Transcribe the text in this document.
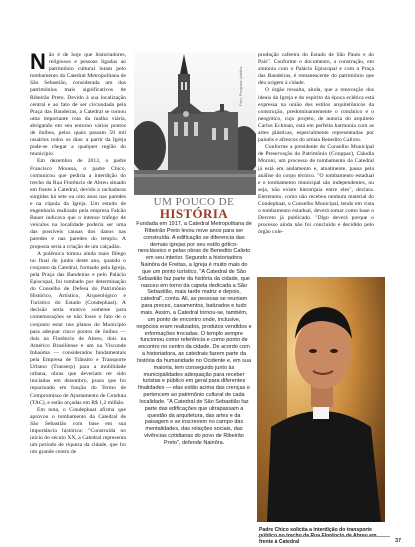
Não é de hoje que historiadores, religiosos e pessoas ligadas ao patrimônio cultural lutam pelo tombamento da Catedral Metropolitana de São Sebastião, considerada um dos patrimônios mais significativos de Ribeirão Preto. Devido à sua localização central e ao fato de ser circundada pela Praça das Bandeiras, a Catedral se tornou uma importante rota da malha viária, abrigando em seu entorno vários pontos de ônibus, pelos quais passam 50 mil usuários todos os dias: a partir da Igreja pode-se chegar a qualquer região do município.

Em dezembro de 2012, o padre Francisco Moussa, o padre Chico, comunicou que pediria a interdição do trecho da Rua Florêncio de Abreu situado em frente à Catedral, devido a rachaduras surgidas há sete ou oito anos nas paredes e na cúpula da Igreja. Um estudo de engenharia realizado pela empresa Falcão Bauer indicava que o intenso tráfego de veículos na localidade poderia ser uma das possíveis causas dos danos nas paredes e nas paredes do templo. A proposta seria a criação de um calçadão.

A polêmica tomou ainda mais fôlego no final do junho deste ano, quando o conjunto da Catedral, formado pela Igreja, pela Praça das Bandeiras e pelo Palácio Episcopal, foi tombado por determinação do Conselho de Defesa do Patrimônio Histórico, Artístico, Arqueológico e Turístico do Estado (Condephaat). A decisão seria motivo somente para comemorações se não fosse o fato de o conjunto estar nos planos do Município para adequar cinco pontos de ônibus — dois na Florêncio de Abreu, dois na Américo Brasiliense e um na Visconde Inhaúma — considerados fundamentais pela Empresa de Trânsito e Transporte Urbano (Transerp) para a mobilidade urbana, obras que deveriam ter sido iniciadas em dezembro, prazo que foi repactuado em função do Termo de Compromisso de Ajustamento de Conduta (TAC), e estão orçadas em R$ 1,2 milhão.

Em nota, o Condephaat afirma que aprovou o tombamento da Catedral de São Sebastião com base em sua importância histórica: "Construída no início do século XX, a Catedral representa um período de riqueza da cidade, que foi um grande centro de

Foto: Pesquisa: pública
UM POUCO DE
HISTÓRIA
Fundada em 1917, a Catedral Metropolitana de Ribeirão Preto levou nove anos para ser construída. A edificação se diferencia das demais igrejas por seu estilo gótico-neoclássico e pelas obras de Benedito Calixto em seu interior. Segundo a historiadora Nainôra de Freitas, a Igreja é muito mais do que um ponto turístico. "A Catedral de São Sebastião faz parte da história da cidade, que nasceu em torno da capela dedicada a São Sebastião, mais tarde matriz e depois, catedral", conta. Ali, as pessoas se reuniam para preces, casamentos, batizados e tudo mais. Assim, a Catedral tornou-se, também, um ponto de encontro onde, inclusive, negócios eram realizados, produtos vendidos e informações trocadas. O templo sempre funcionou como referência e como ponto de encontro no centro da cidade. De acordo com a historiadora, as catedrais fazem parte da história da humanidade no Ocidente e, em sua maioria, tem conseguido junto às municipalidades adequação para receber turistas e público em geral para diferentes finalidades — elas estão acima das crenças e pertencem ao patrimônio cultural de cada localidade. "A Catedral de São Sebastião faz parte das edificações que ultrapassam a questão da arquitetura, das artes e da paisagem e se inscrevem no campo das mentalidades, das relações sociais, das vivências cotidianas do povo de Ribeirão Preto", defende Nainôra.

produção cafeeira do Estado de São Paulo e do País". Conforme o documento, a construção, em sintonia com o Palácio Episcopal e com a Praça das Bandeiras, é remanescente do patrimônio que deu origem à cidade.

O órgão ressalta, ainda, que a renovação dos ideais da Igreja e do espírito da época eclética está expressa na união dos estilos arquitetônicos da construção, predominantemente o românico e o neogótico, cujo projeto, de autoria do arquiteto Carlos Eckman, está em perfeita harmonia com as artes plásticas, especialmente representadas por painéis e afrescos do artista Benedito Calixto.

Conforme a presidente do Conselho Municipal de Preservação do Patrimônio (Conppac), Cláudia Moroni, um processo de tombamento da Catedral já está em andamento e, atualmente, passa pela análise do corpo técnico. "O tombamento estadual e o tombamento municipal são independentes, ou seja, não existe hierarquia entre eles", declara. Entretanto, como não recebeu nenhum material do Condephaat, o Conselho Municipal, tendo em vista o tombamento estadual, deverá tomar como base o Decreto já publicado. "Digo deverá porque o processo ainda não foi concluído e decidido pelo órgão cole-

Padre Chico solicita a interdição do transporte frente à Catedral	37
